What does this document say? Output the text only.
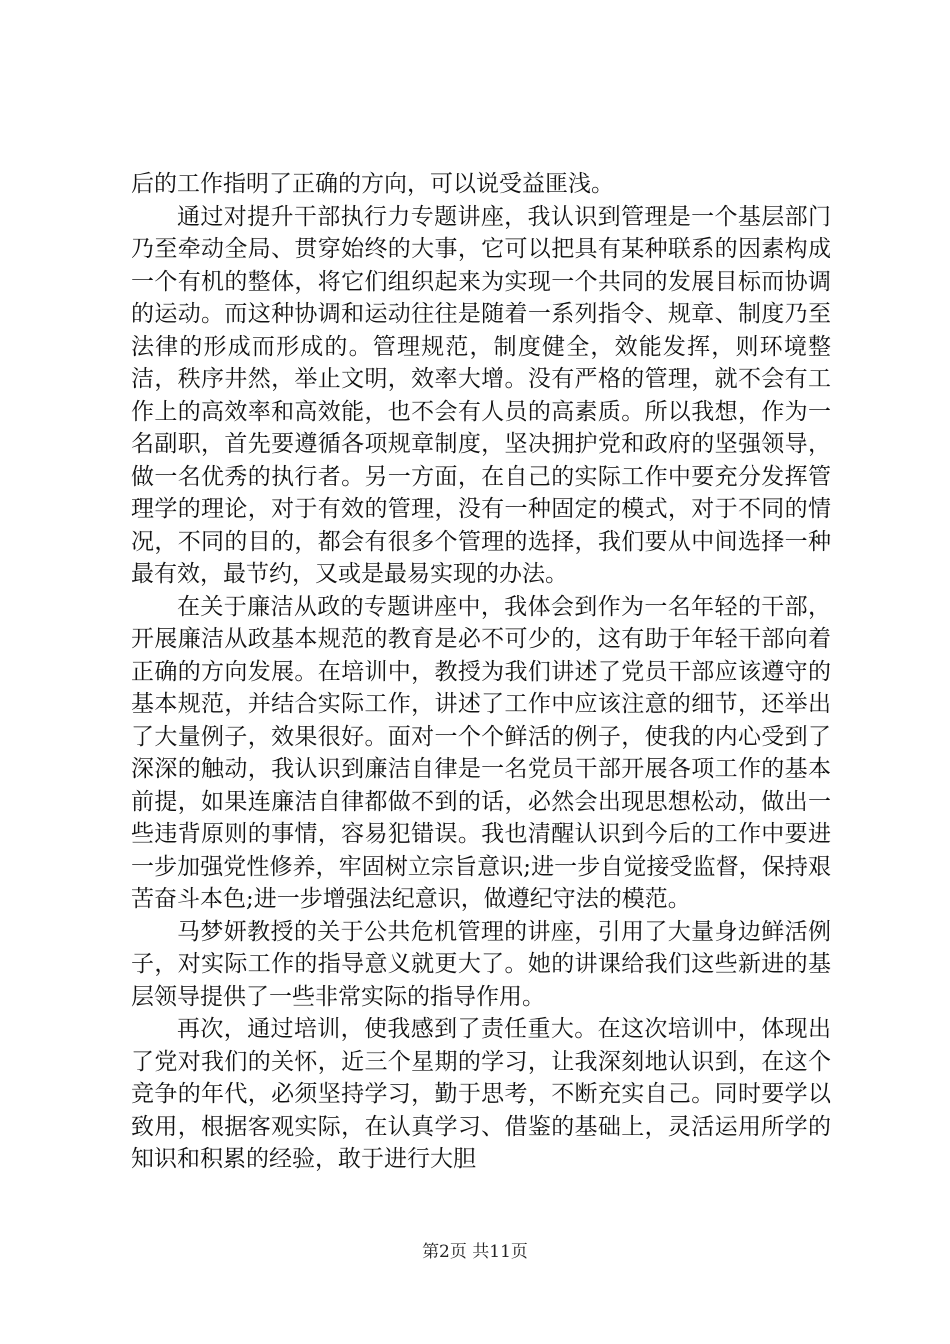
后的工作指明了正确的方向，可以说受益匪浅。

通过对提升干部执行力专题讲座，我认识到管理是一个基层部门乃至牵动全局、贯穿始终的大事，它可以把具有某种联系的因素构成一个有机的整体，将它们组织起来为实现一个共同的发展目标而协调的运动。而这种协调和运动往往是随着一系列指令、规章、制度乃至法律的形成而形成的。管理规范，制度健全，效能发挥，则环境整洁，秩序井然，举止文明，效率大增。没有严格的管理，就不会有工作上的高效率和高效能，也不会有人员的高素质。所以我想，作为一名副职，首先要遵循各项规章制度，坚决拥护党和政府的坚强领导，做一名优秀的执行者。另一方面，在自己的实际工作中要充分发挥管理学的理论，对于有效的管理，没有一种固定的模式，对于不同的情况，不同的目的，都会有很多个管理的选择，我们要从中间选择一种最有效，最节约，又或是最易实现的办法。

在关于廉洁从政的专题讲座中，我体会到作为一名年轻的干部，开展廉洁从政基本规范的教育是必不可少的，这有助于年轻干部向着正确的方向发展。在培训中，教授为我们讲述了党员干部应该遵守的基本规范，并结合实际工作，讲述了工作中应该注意的细节，还举出了大量例子，效果很好。面对一个个鲜活的例子，使我的内心受到了深深的触动，我认识到廉洁自律是一名党员干部开展各项工作的基本前提，如果连廉洁自律都做不到的话，必然会出现思想松动，做出一些违背原则的事情，容易犯错误。我也清醒认识到今后的工作中要进一步加强党性修养，牢固树立宗旨意识;进一步自觉接受监督，保持艰苦奋斗本色;进一步增强法纪意识，做遵纪守法的模范。

马梦妍教授的关于公共危机管理的讲座，引用了大量身边鲜活例子，对实际工作的指导意义就更大了。她的讲课给我们这些新进的基层领导提供了一些非常实际的指导作用。

再次，通过培训，使我感到了责任重大。在这次培训中，体现出了党对我们的关怀，近三个星期的学习，让我深刻地认识到，在这个竞争的年代，必须坚持学习，勤于思考，不断充实自己。同时要学以致用，根据客观实际，在认真学习、借鉴的基础上，灵活运用所学的知识和积累的经验，敢于进行大胆

第2页 共11页
